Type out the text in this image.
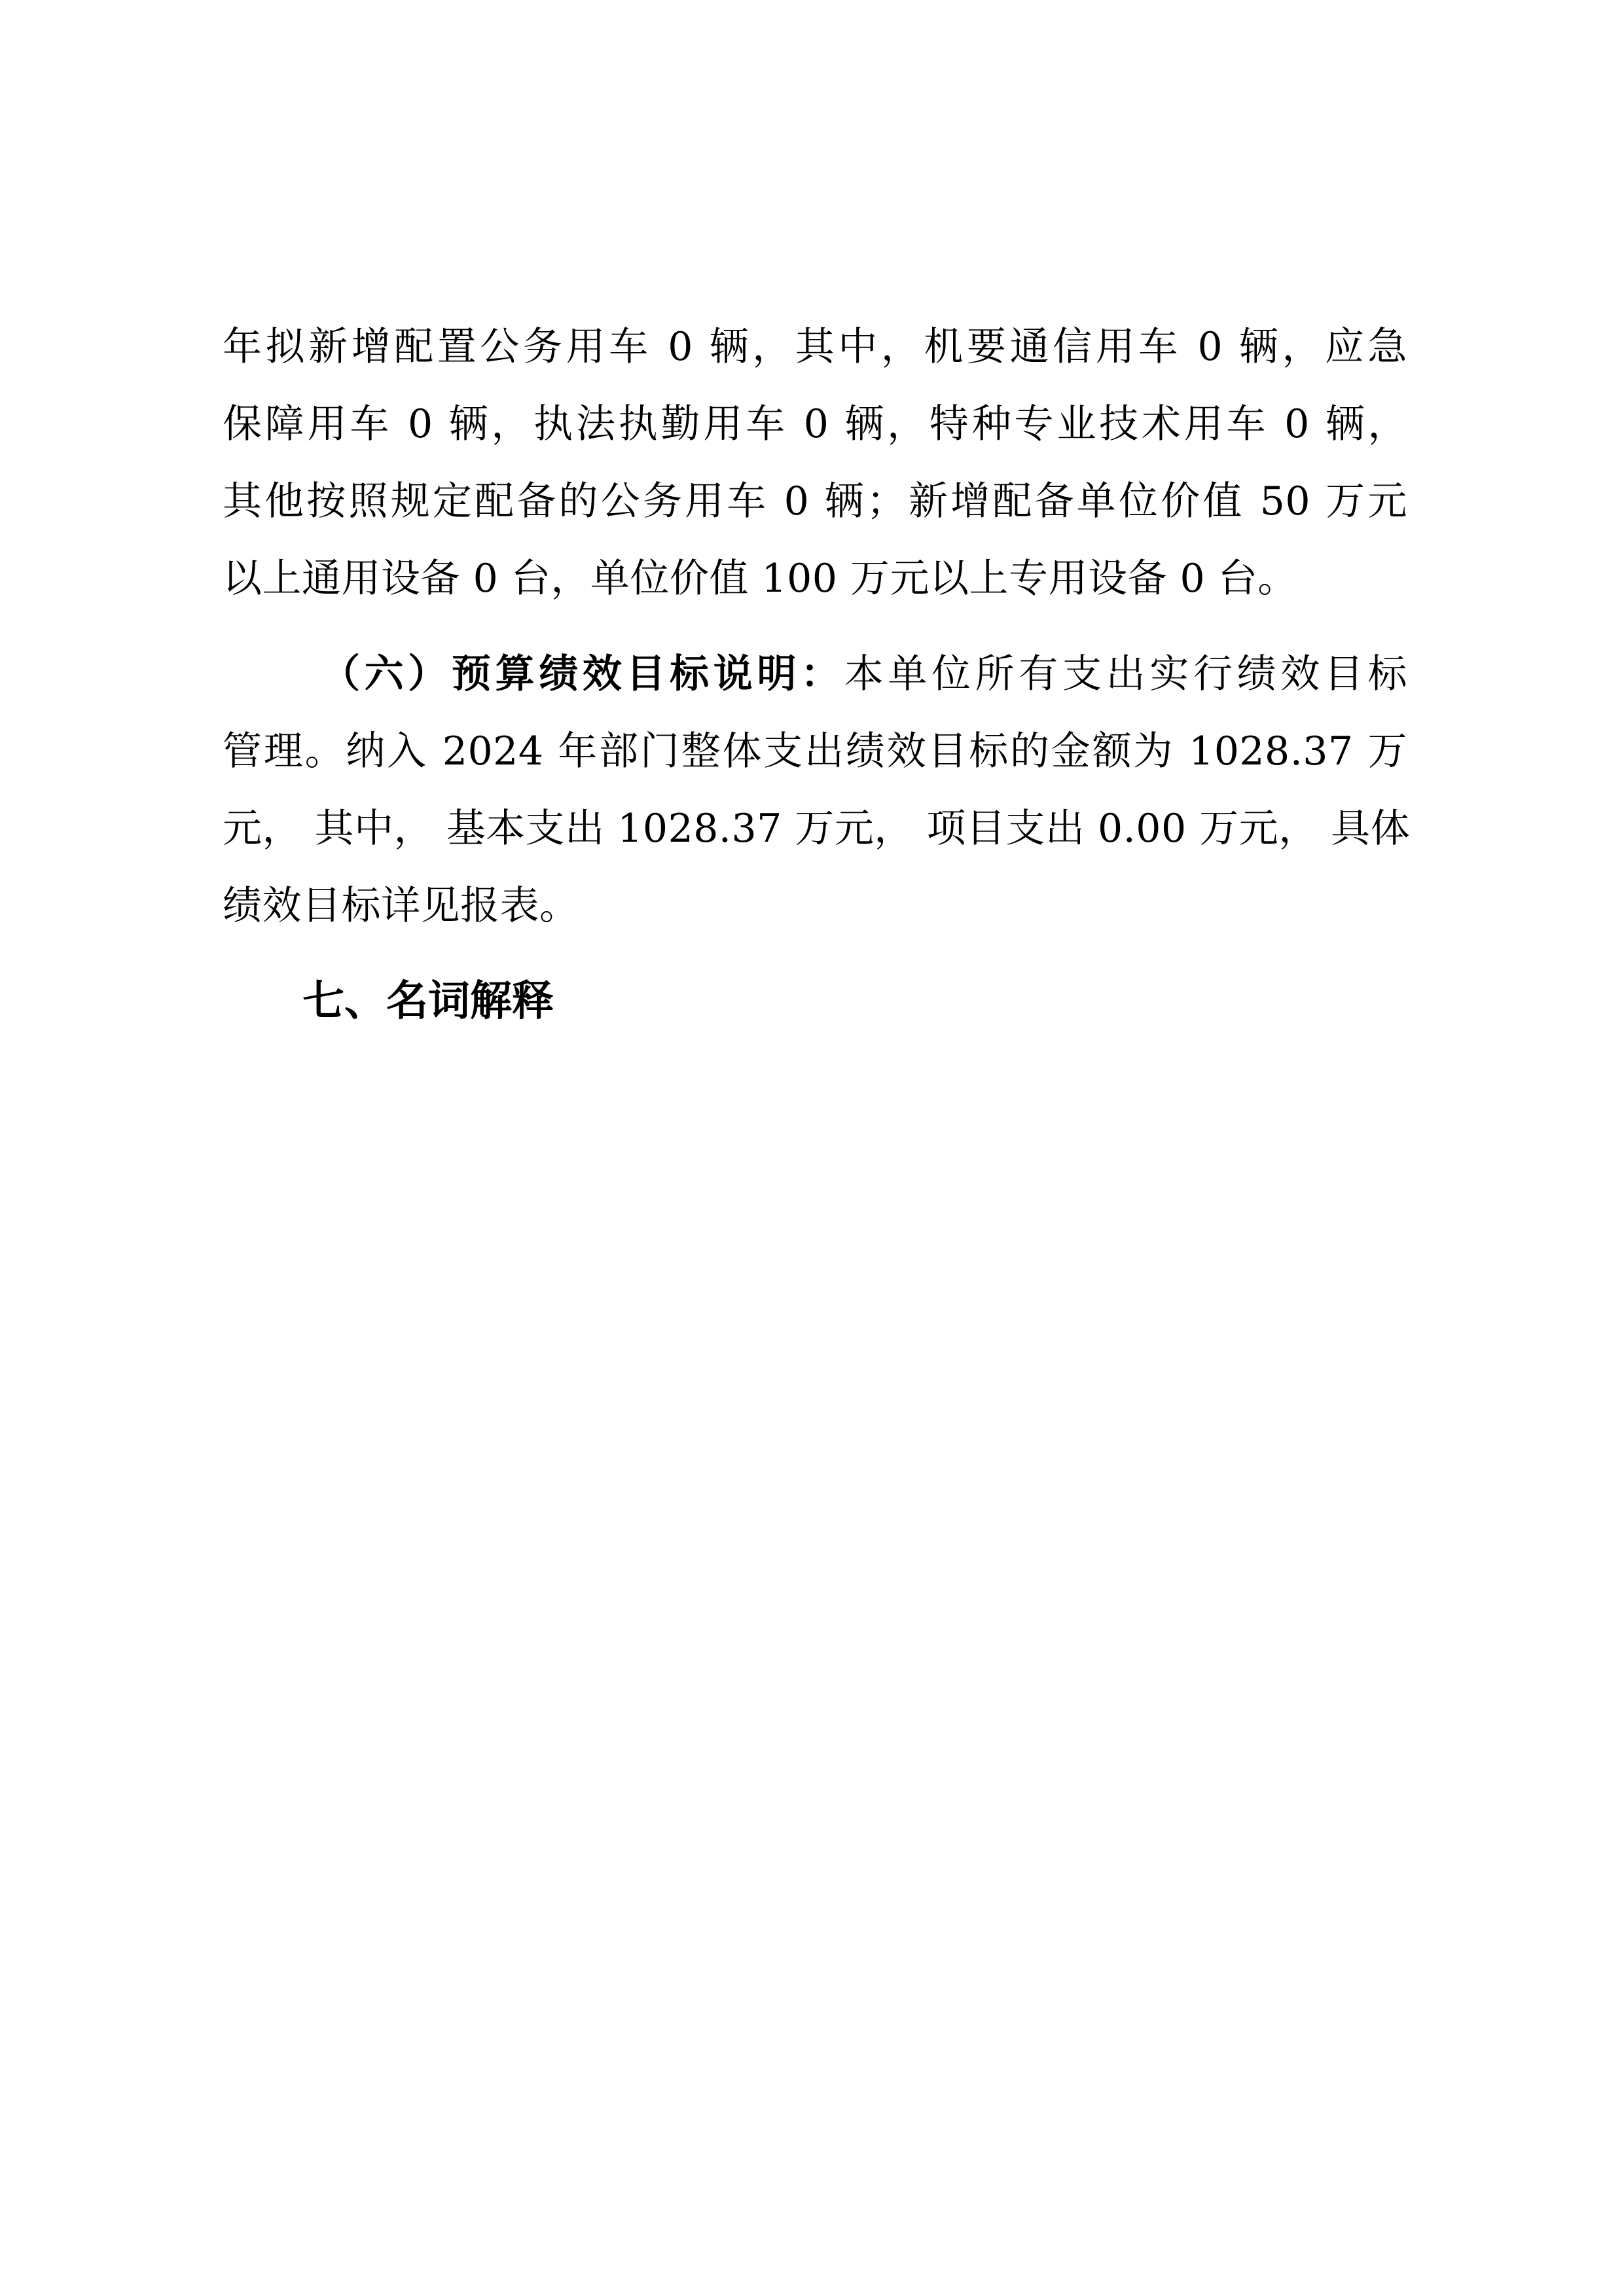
年拟新增配置公务用车 0 辆，其中，机要通信用车 0 辆，应急
保障用车 0 辆，执法执勤用车 0 辆，特种专业技术用车 0 辆，
其他按照规定配备的公务用车 0 辆；新增配备单位价值 50 万元
以上通用设备 0 台，单位价值 100 万元以上专用设备 0 台。
（六）预算绩效目标说明：本单位所有支出实行绩效目标
管理。纳入 2024 年部门整体支出绩效目标的金额为 1028.37 万
元， 其中， 基本支出 1028.37 万元， 项目支出 0.00 万元， 具体
绩效目标详见报表。
七、名词解释
